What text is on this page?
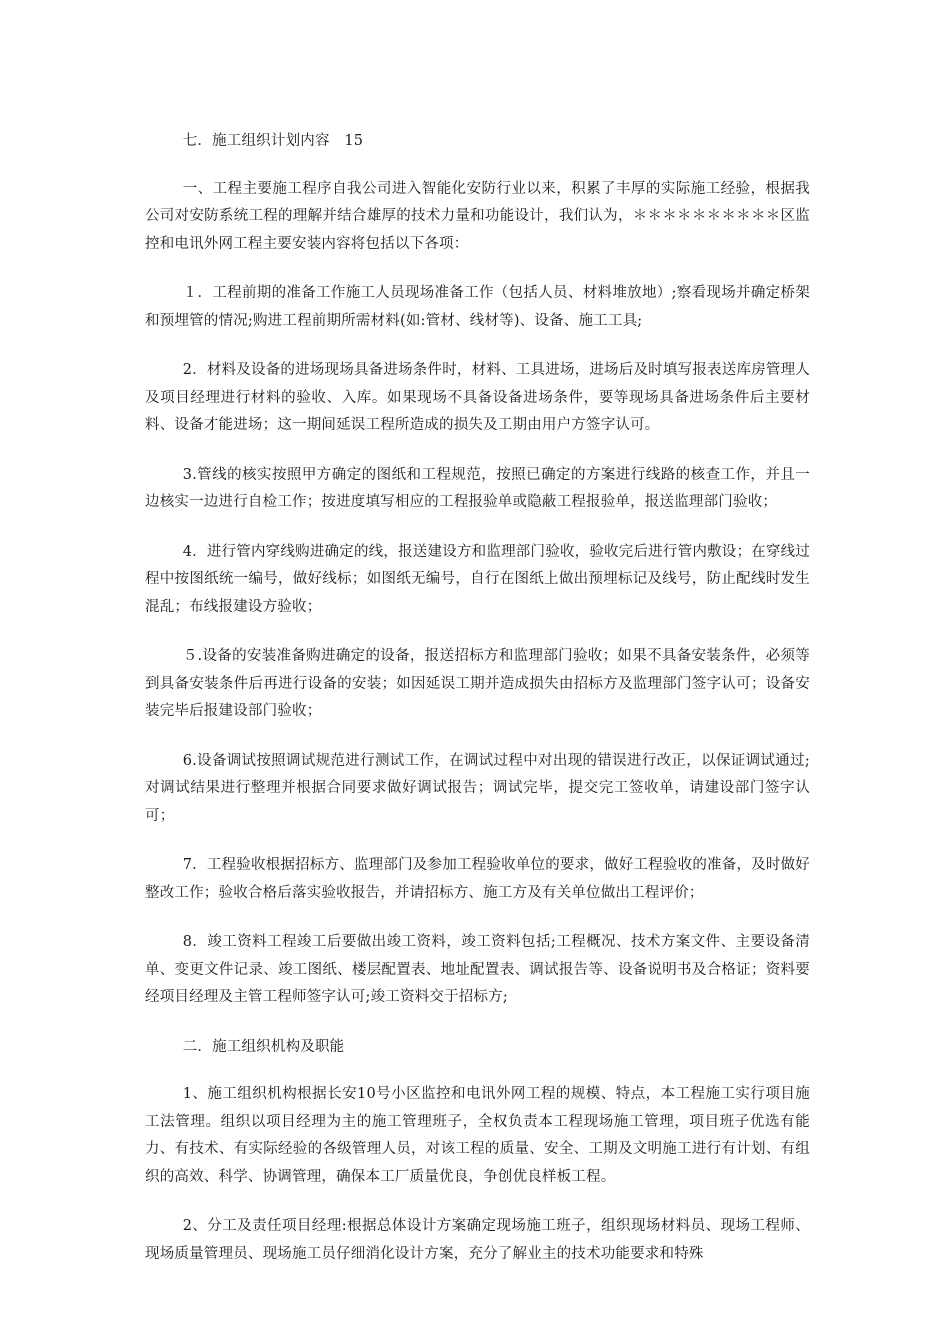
七．施工组织计划内容　15

一、工程主要施工程序自我公司进入智能化安防行业以来，积累了丰厚的实际施工经验，根据我公司对安防系统工程的理解并结合雄厚的技术力量和功能设计，我们认为，＊＊＊＊＊＊＊＊＊＊区监控和电讯外网工程主要安装内容将包括以下各项：

１．工程前期的准备工作施工人员现场准备工作（包括人员、材料堆放地）;察看现场并确定桥架和预埋管的情况;购进工程前期所需材料(如:管材、线材等)、设备、施工工具;

2．材料及设备的进场现场具备进场条件时，材料、工具进场，进场后及时填写报表送库房管理人及项目经理进行材料的验收、入库。如果现场不具备设备进场条件，要等现场具备进场条件后主要材料、设备才能进场；这一期间延误工程所造成的损失及工期由用户方签字认可。

3.管线的核实按照甲方确定的图纸和工程规范，按照已确定的方案进行线路的核查工作，并且一边核实一边进行自检工作；按进度填写相应的工程报验单或隐蔽工程报验单，报送监理部门验收；

4．进行管内穿线购进确定的线，报送建设方和监理部门验收，验收完后进行管内敷设；在穿线过程中按图纸统一编号，做好线标；如图纸无编号，自行在图纸上做出预埋标记及线号，防止配线时发生混乱；布线报建设方验收；

５.设备的安装准备购进确定的设备，报送招标方和监理部门验收；如果不具备安装条件，必须等到具备安装条件后再进行设备的安装；如因延误工期并造成损失由招标方及监理部门签字认可；设备安装完毕后报建设部门验收；

6.设备调试按照调试规范进行测试工作，在调试过程中对出现的错误进行改正，以保证调试通过;对调试结果进行整理并根据合同要求做好调试报告；调试完毕，提交完工签收单，请建设部门签字认可；

7．工程验收根据招标方、监理部门及参加工程验收单位的要求，做好工程验收的准备，及时做好整改工作；验收合格后落实验收报告，并请招标方、施工方及有关单位做出工程评价；

8．竣工资料工程竣工后要做出竣工资料，竣工资料包括;工程概况、技术方案文件、主要设备清单、变更文件记录、竣工图纸、楼层配置表、地址配置表、调试报告等、设备说明书及合格证；资料要经项目经理及主管工程师签字认可;竣工资料交于招标方;

二．施工组织机构及职能

1、施工组织机构根据长安10号小区监控和电讯外网工程的规模、特点，本工程施工实行项目施工法管理。组织以项目经理为主的施工管理班子，全权负责本工程现场施工管理，项目班子优选有能力、有技术、有实际经验的各级管理人员，对该工程的质量、安全、工期及文明施工进行有计划、有组织的高效、科学、协调管理，确保本工厂质量优良，争创优良样板工程。

2、分工及责任项目经理:根据总体设计方案确定现场施工班子，组织现场材料员、现场工程师、现场质量管理员、现场施工员仔细消化设计方案，充分了解业主的技术功能要求和特殊
